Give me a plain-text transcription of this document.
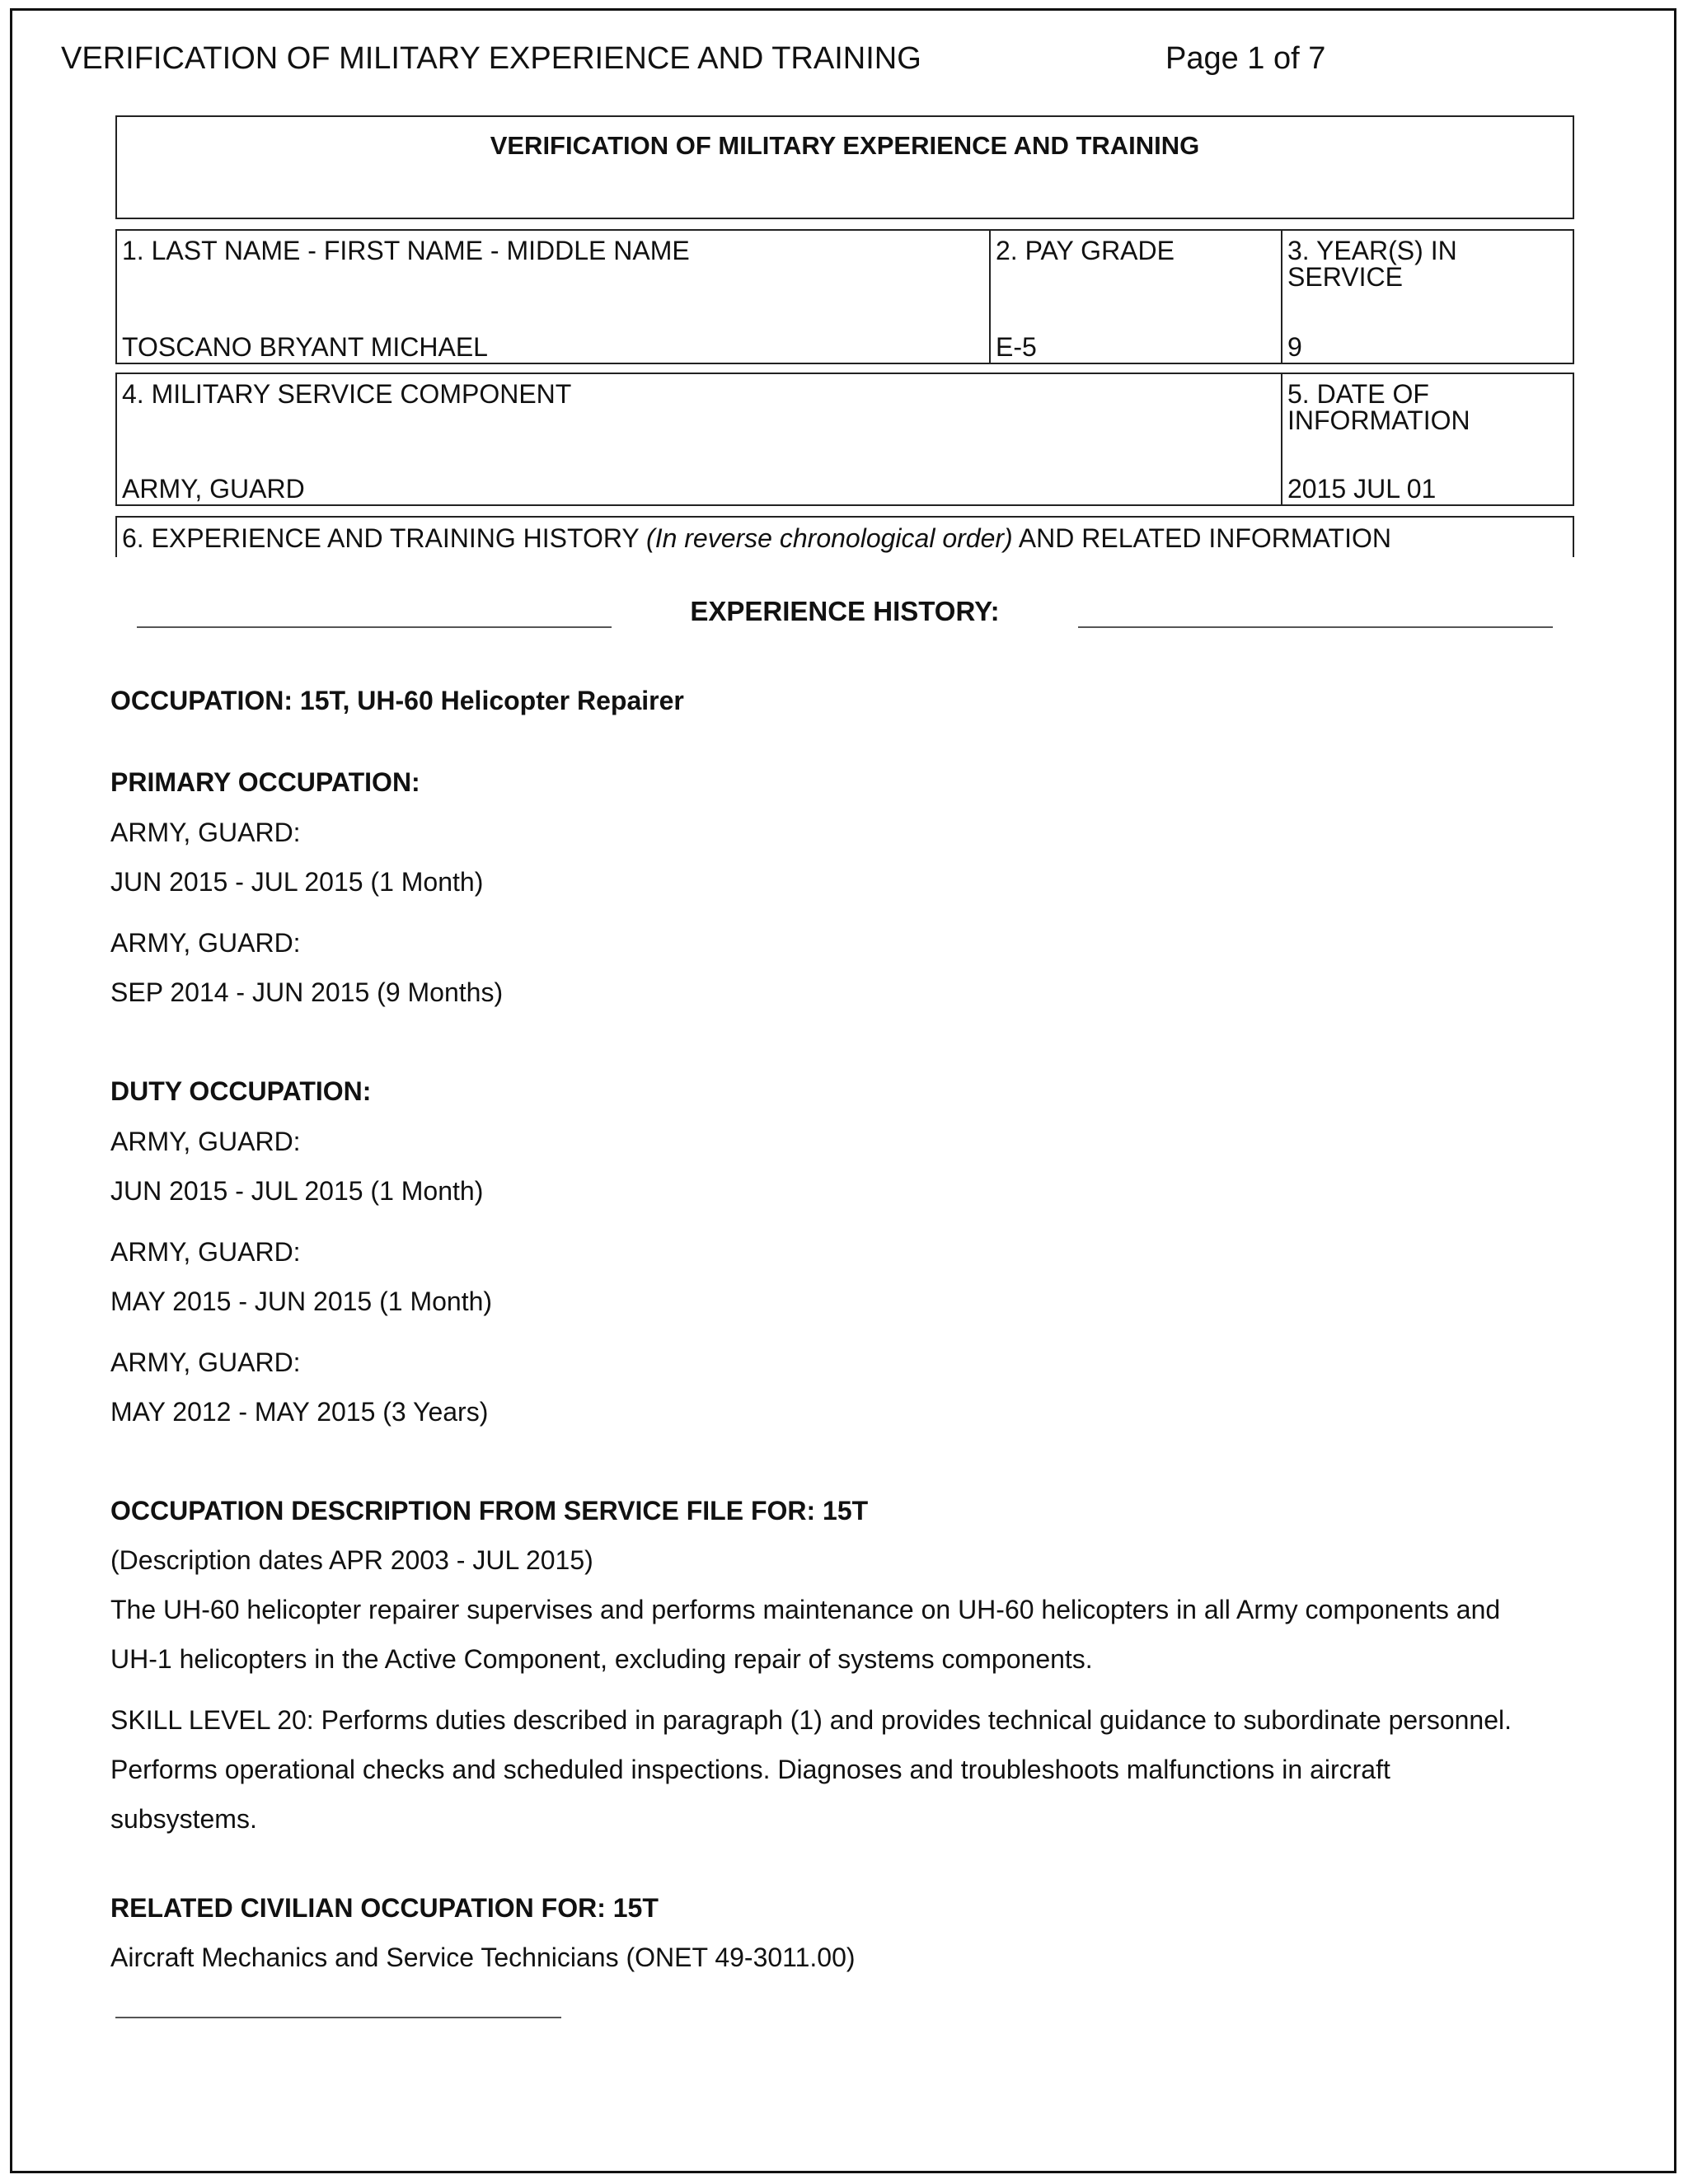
VERIFICATION OF MILITARY EXPERIENCE AND TRAINING	Page 1 of 7
VERIFICATION OF MILITARY EXPERIENCE AND TRAINING
1. LAST NAME - FIRST NAME - MIDDLE NAME
TOSCANO BRYANT MICHAEL
2. PAY GRADE
E-5
3. YEAR(S) IN
SERVICE
9
4. MILITARY SERVICE COMPONENT
ARMY, GUARD
5. DATE OF
INFORMATION
2015 JUL 01
6. EXPERIENCE AND TRAINING HISTORY (In reverse chronological order) AND RELATED INFORMATION
EXPERIENCE HISTORY:
OCCUPATION: 15T, UH-60 Helicopter Repairer
PRIMARY OCCUPATION:
ARMY, GUARD:
JUN 2015 - JUL 2015 (1 Month)
ARMY, GUARD:
SEP 2014 - JUN 2015 (9 Months)
DUTY OCCUPATION:
ARMY, GUARD:
JUN 2015 - JUL 2015 (1 Month)
ARMY, GUARD:
MAY 2015 - JUN 2015 (1 Month)
ARMY, GUARD:
MAY 2012 - MAY 2015 (3 Years)
OCCUPATION DESCRIPTION FROM SERVICE FILE FOR: 15T
(Description dates APR 2003 - JUL 2015)
The UH-60 helicopter repairer supervises and performs maintenance on UH-60 helicopters in all Army components and
UH-1 helicopters in the Active Component, excluding repair of systems components.
SKILL LEVEL 20: Performs duties described in paragraph (1) and provides technical guidance to subordinate personnel.
Performs operational checks and scheduled inspections. Diagnoses and troubleshoots malfunctions in aircraft
subsystems.
RELATED CIVILIAN OCCUPATION FOR: 15T
Aircraft Mechanics and Service Technicians (ONET 49-3011.00)
